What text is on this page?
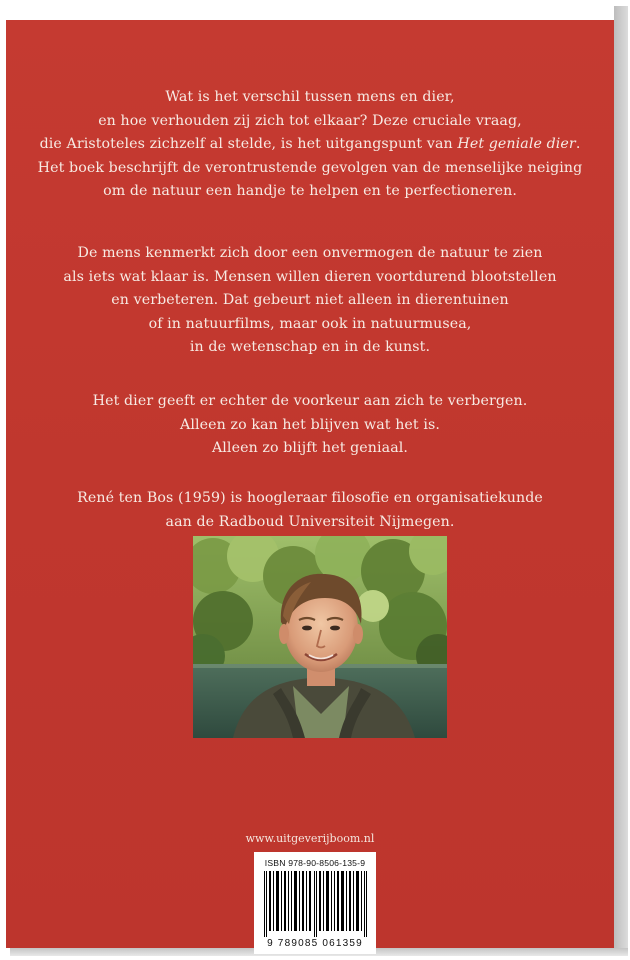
Wat is het verschil tussen mens en dier,
en hoe verhouden zij zich tot elkaar? Deze cruciale vraag,
die Aristoteles zichzelf al stelde, is het uitgangspunt van Het geniale dier.
Het boek beschrijft de verontrustende gevolgen van de menselijke neiging
om de natuur een handje te helpen en te perfectioneren.
De mens kenmerkt zich door een onvermogen de natuur te zien
als iets wat klaar is. Mensen willen dieren voortdurend blootstellen
en verbeteren. Dat gebeurt niet alleen in dierentuinen
of in natuurfilms, maar ook in natuurmusea,
in de wetenschap en in de kunst.
Het dier geeft er echter de voorkeur aan zich te verbergen.
Alleen zo kan het blijven wat het is.
Alleen zo blijft het geniaal.
René ten Bos (1959) is hoogleraar filosofie en organisatiekunde
aan de Radboud Universiteit Nijmegen.
www.uitgeverijboom.nl
ISBN 978-90-8506-135-9
9 789085 061359
